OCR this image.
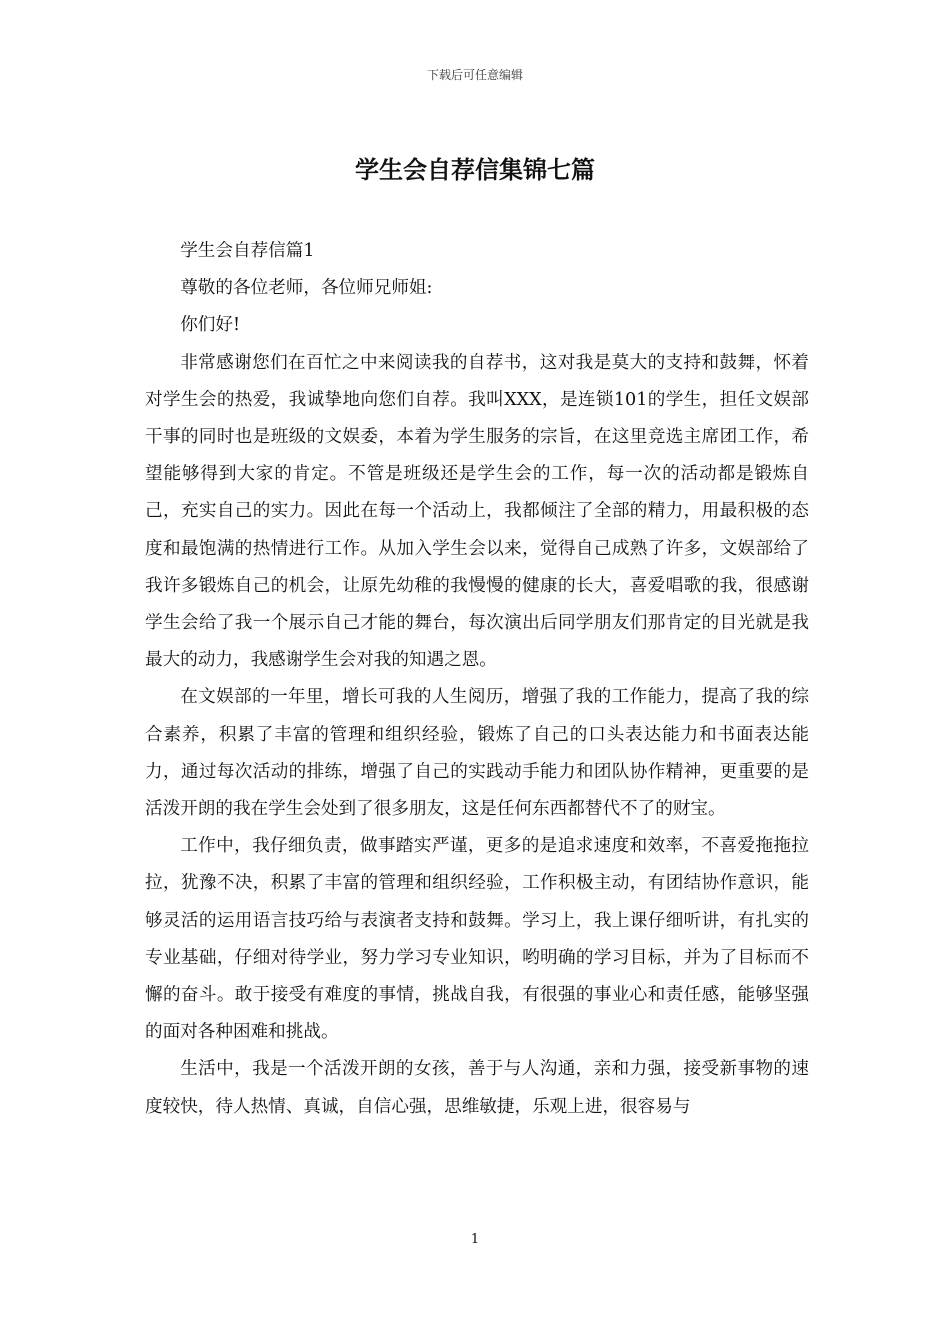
下载后可任意编辑
学生会自荐信集锦七篇

学生会自荐信篇1

尊敬的各位老师，各位师兄师姐:

你们好!

非常感谢您们在百忙之中来阅读我的自荐书，这对我是莫大的支持和鼓舞，怀着对学生会的热爱，我诚挚地向您们自荐。我叫XXX，是连锁101的学生，担任文娱部干事的同时也是班级的文娱委，本着为学生服务的宗旨，在这里竞选主席团工作，希望能够得到大家的肯定。不管是班级还是学生会的工作，每一次的活动都是锻炼自己，充实自己的实力。因此在每一个活动上，我都倾注了全部的精力，用最积极的态度和最饱满的热情进行工作。从加入学生会以来，觉得自己成熟了许多，文娱部给了我许多锻炼自己的机会，让原先幼稚的我慢慢的健康的长大，喜爱唱歌的我，很感谢学生会给了我一个展示自己才能的舞台，每次演出后同学朋友们那肯定的目光就是我最大的动力，我感谢学生会对我的知遇之恩。

在文娱部的一年里，增长可我的人生阅历，增强了我的工作能力，提高了我的综合素养，积累了丰富的管理和组织经验，锻炼了自己的口头表达能力和书面表达能力，通过每次活动的排练，增强了自己的实践动手能力和团队协作精神，更重要的是活泼开朗的我在学生会处到了很多朋友，这是任何东西都替代不了的财宝。

工作中，我仔细负责，做事踏实严谨，更多的是追求速度和效率，不喜爱拖拖拉拉，犹豫不决，积累了丰富的管理和组织经验，工作积极主动，有团结协作意识，能够灵活的运用语言技巧给与表演者支持和鼓舞。学习上，我上课仔细听讲，有扎实的专业基础，仔细对待学业，努力学习专业知识，哟明确的学习目标，并为了目标而不懈的奋斗。敢于接受有难度的事情，挑战自我，有很强的事业心和责任感，能够坚强的面对各种困难和挑战。

生活中，我是一个活泼开朗的女孩，善于与人沟通，亲和力强，接受新事物的速度较快，待人热情、真诚，自信心强，思维敏捷，乐观上进，很容易与

1
